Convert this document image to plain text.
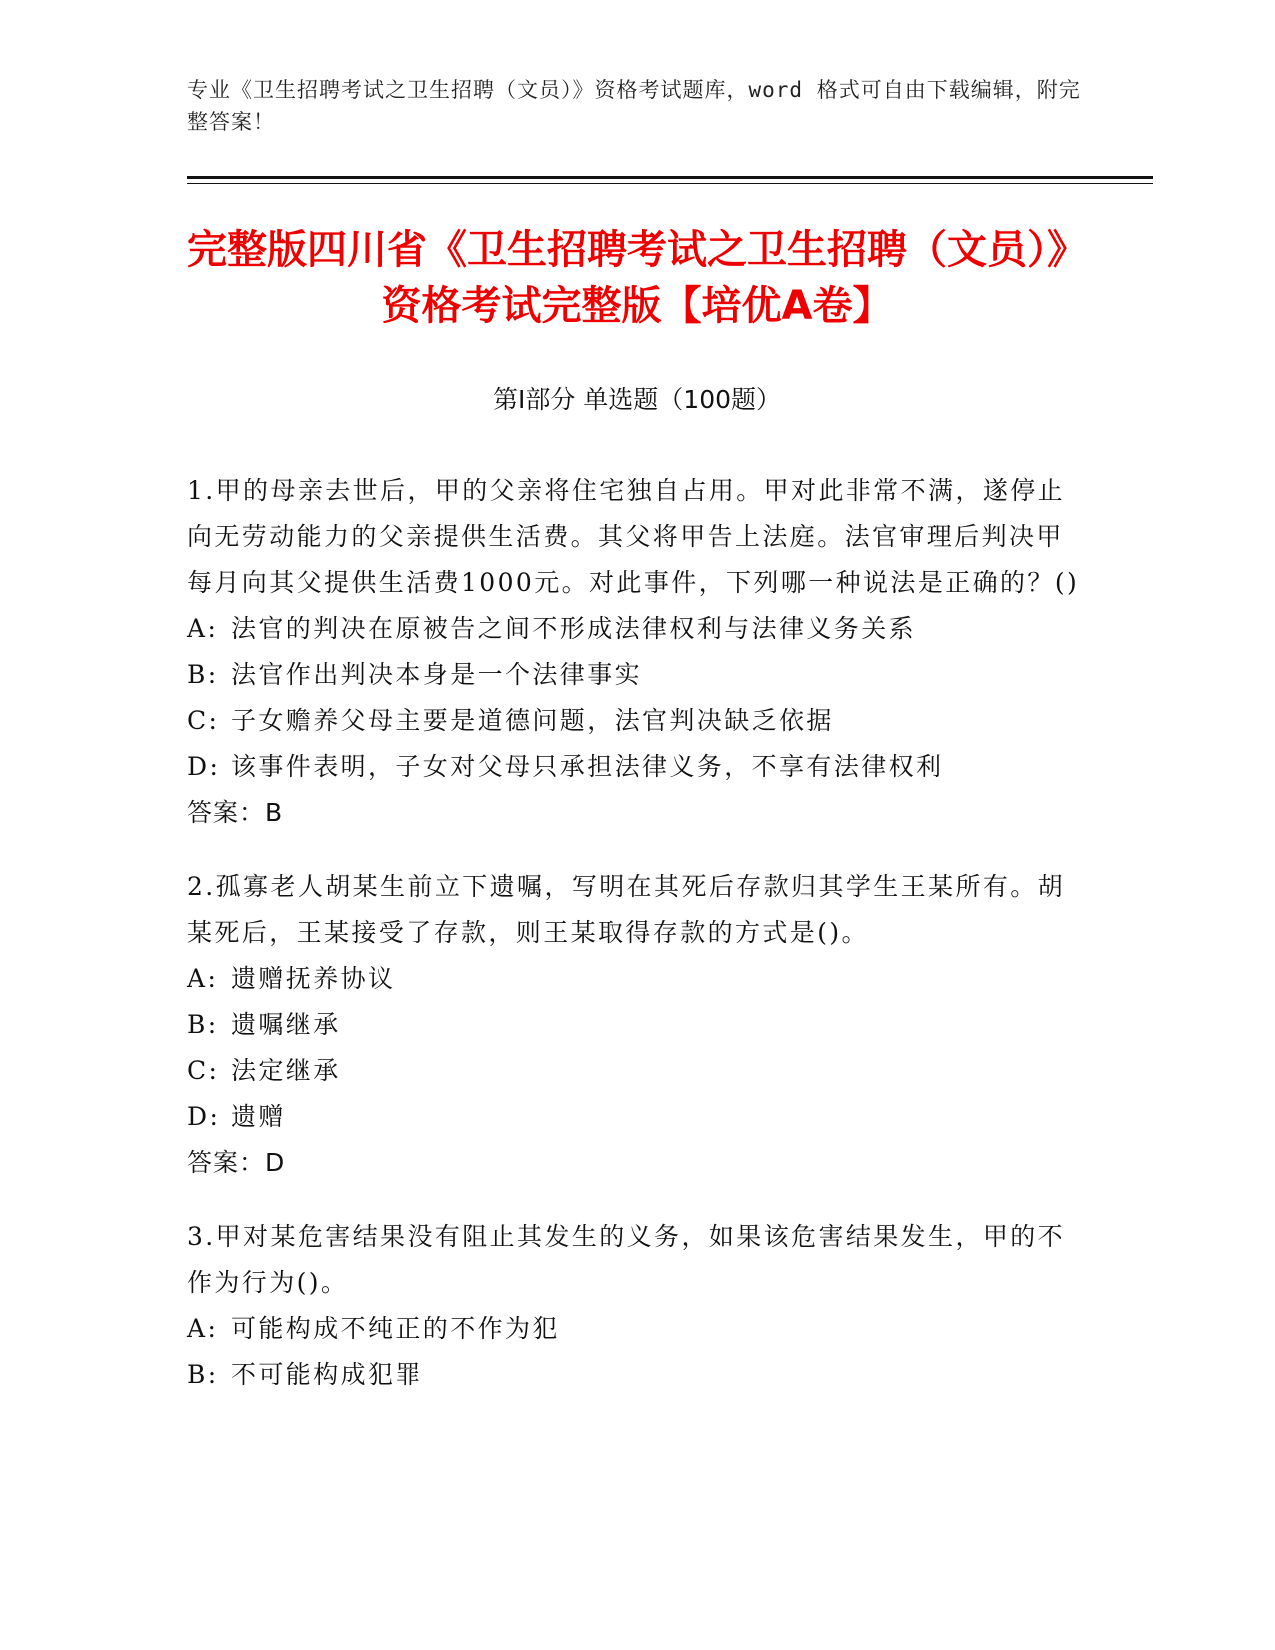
专业《卫生招聘考试之卫生招聘（文员）》资格考试题库，word 格式可自由下载编辑，附完整答案！
完整版四川省《卫生招聘考试之卫生招聘（文员）》资格考试完整版【培优A卷】
第Ⅰ部分 单选题（100题）

1.甲的母亲去世后，甲的父亲将住宅独自占用。甲对此非常不满，遂停止向无劳动能力的父亲提供生活费。其父将甲告上法庭。法官审理后判决甲每月向其父提供生活费1000元。对此事件，下列哪一种说法是正确的？()

A: 法官的判决在原被告之间不形成法律权利与法律义务关系

B: 法官作出判决本身是一个法律事实

C: 子女赡养父母主要是道德问题，法官判决缺乏依据

D: 该事件表明，子女对父母只承担法律义务，不享有法律权利

答案：B

2.孤寡老人胡某生前立下遗嘱，写明在其死后存款归其学生王某所有。胡某死后，王某接受了存款，则王某取得存款的方式是()。

A: 遗赠抚养协议

B: 遗嘱继承

C: 法定继承

D: 遗赠

答案：D

3.甲对某危害结果没有阻止其发生的义务，如果该危害结果发生，甲的不作为行为()。

A: 可能构成不纯正的不作为犯

B: 不可能构成犯罪
